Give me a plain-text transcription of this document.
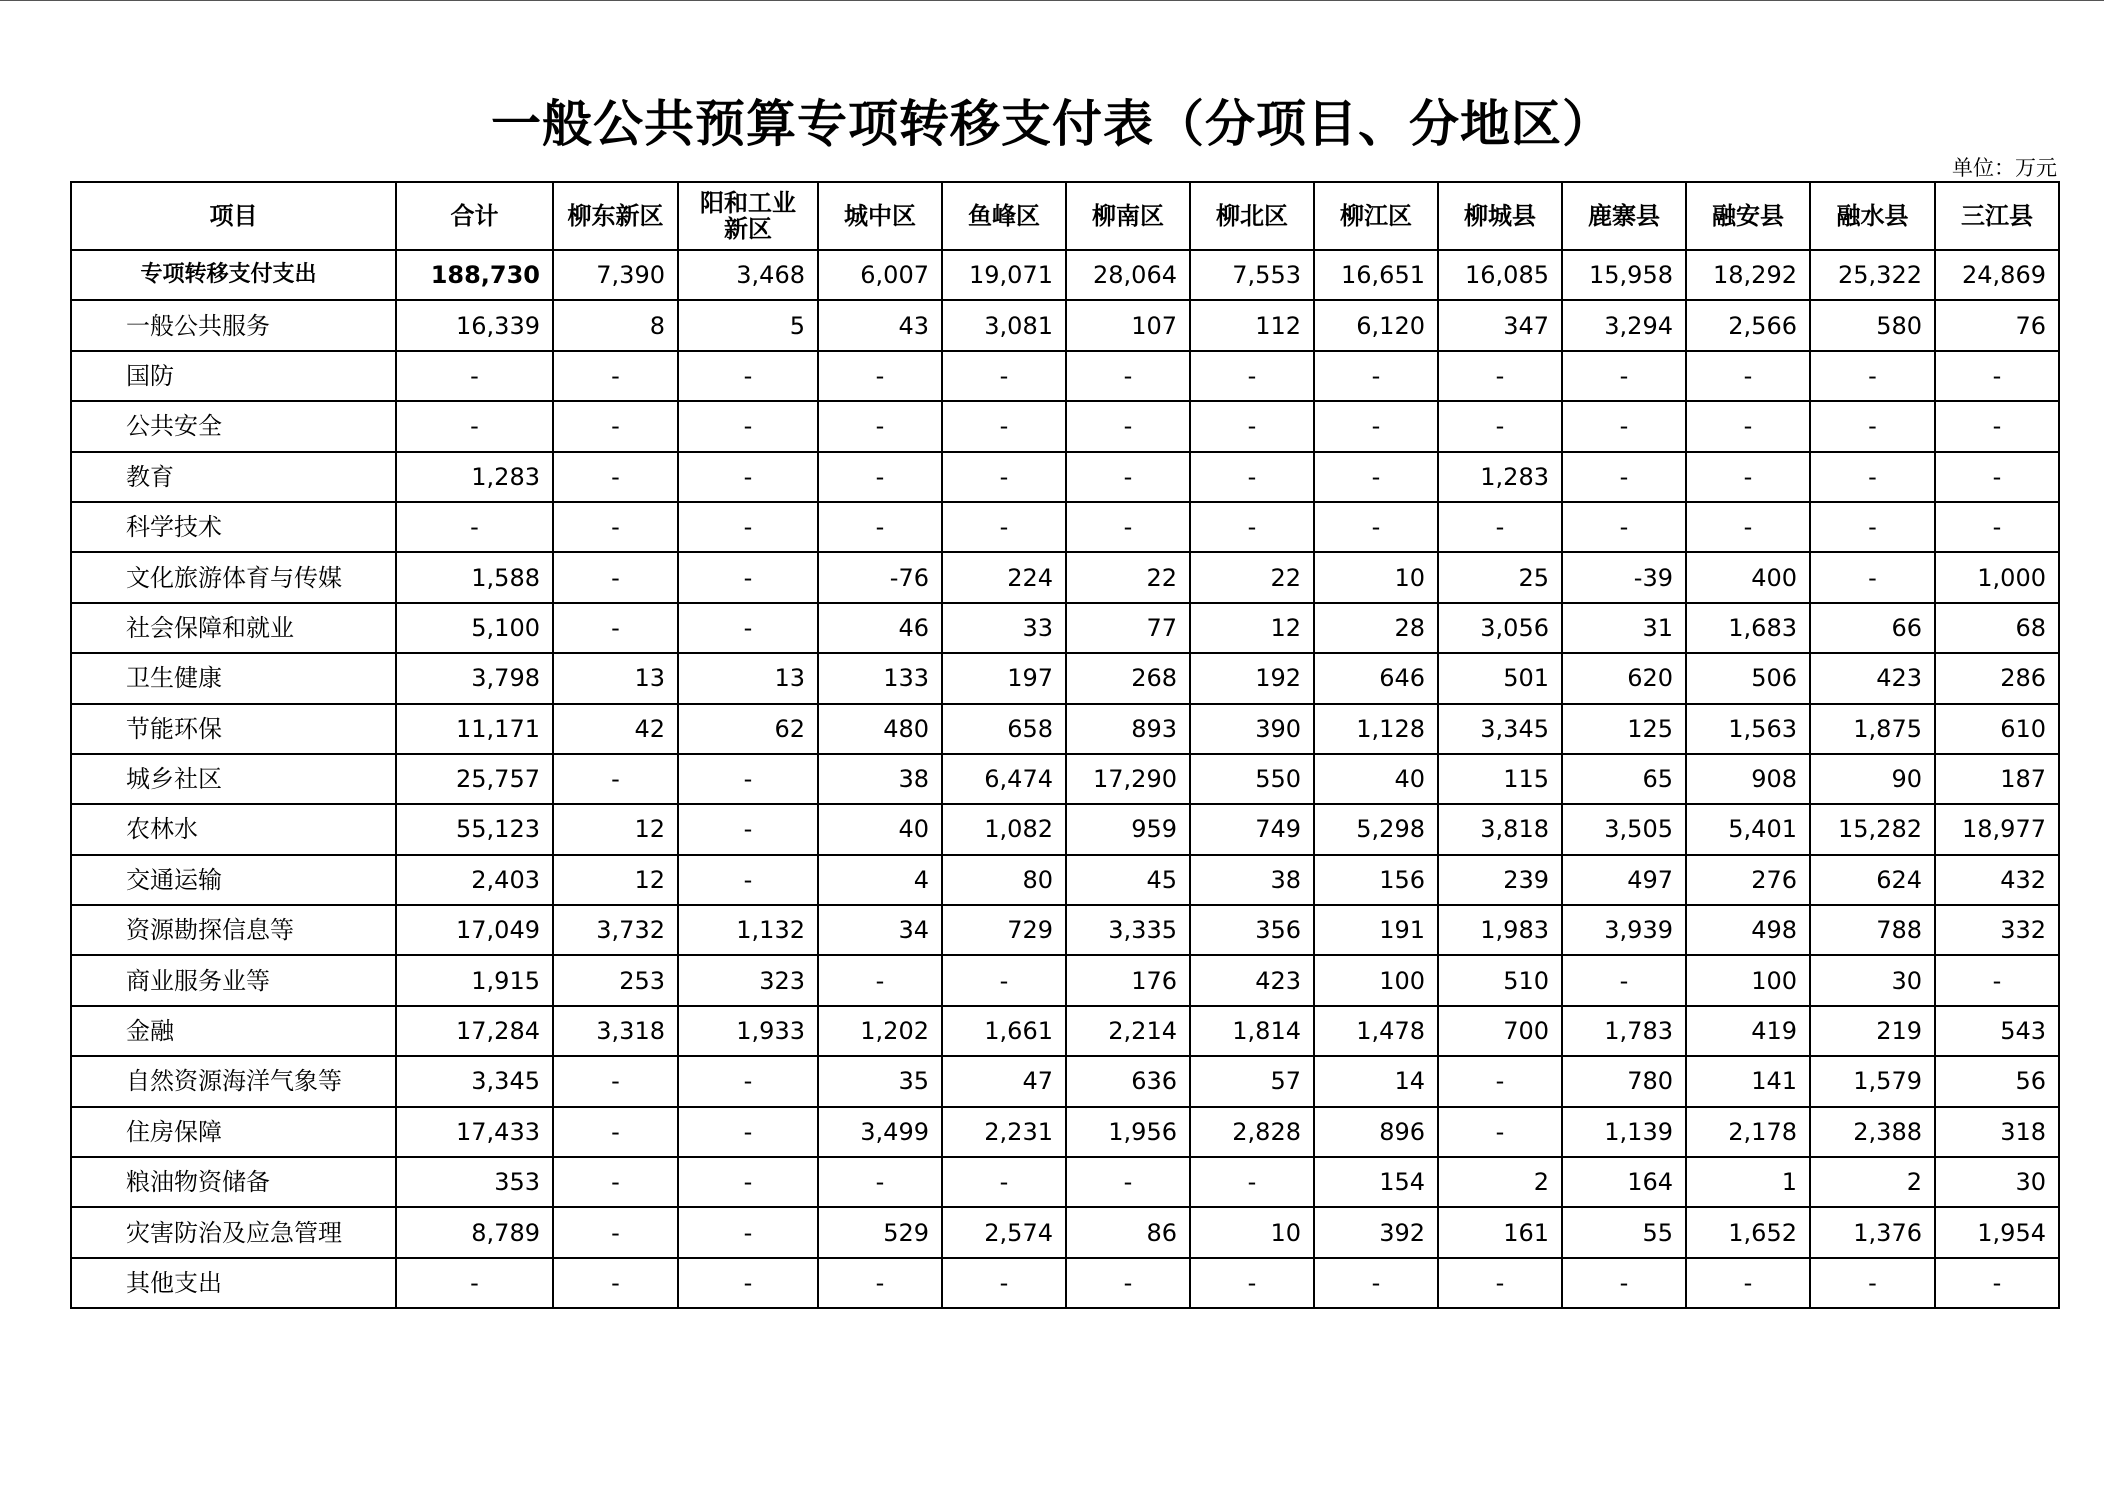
一般公共预算专项转移支付表（分项目、分地区）
单位：万元
项目	合计	柳东新区	阳和工业
新区	城中区	鱼峰区	柳南区	柳北区	柳江区	柳城县	鹿寨县	融安县	融水县	三江县
专项转移支付支出	188,730	7,390	3,468	6,007	19,071	28,064	7,553	16,651	16,085	15,958	18,292	25,322	24,869
一般公共服务	16,339	8	5	43	3,081	107	112	6,120	347	3,294	2,566	580	76
国防	-	-	-	-	-	-	-	-	-	-	-	-	-
公共安全	-	-	-	-	-	-	-	-	-	-	-	-	-
教育	1,283	-	-	-	-	-	-	-	1,283	-	-	-	-
科学技术	-	-	-	-	-	-	-	-	-	-	-	-	-
文化旅游体育与传媒	1,588	-	-	-76	224	22	22	10	25	-39	400	-	1,000
社会保障和就业	5,100	-	-	46	33	77	12	28	3,056	31	1,683	66	68
卫生健康	3,798	13	13	133	197	268	192	646	501	620	506	423	286
节能环保	11,171	42	62	480	658	893	390	1,128	3,345	125	1,563	1,875	610
城乡社区	25,757	-	-	38	6,474	17,290	550	40	115	65	908	90	187
农林水	55,123	12	-	40	1,082	959	749	5,298	3,818	3,505	5,401	15,282	18,977
交通运输	2,403	12	-	4	80	45	38	156	239	497	276	624	432
资源勘探信息等	17,049	3,732	1,132	34	729	3,335	356	191	1,983	3,939	498	788	332
商业服务业等	1,915	253	323	-	-	176	423	100	510	-	100	30	-
金融	17,284	3,318	1,933	1,202	1,661	2,214	1,814	1,478	700	1,783	419	219	543
自然资源海洋气象等	3,345	-	-	35	47	636	57	14	-	780	141	1,579	56
住房保障	17,433	-	-	3,499	2,231	1,956	2,828	896	-	1,139	2,178	2,388	318
粮油物资储备	353	-	-	-	-	-	-	154	2	164	1	2	30
灾害防治及应急管理	8,789	-	-	529	2,574	86	10	392	161	55	1,652	1,376	1,954
其他支出	-	-	-	-	-	-	-	-	-	-	-	-	-
